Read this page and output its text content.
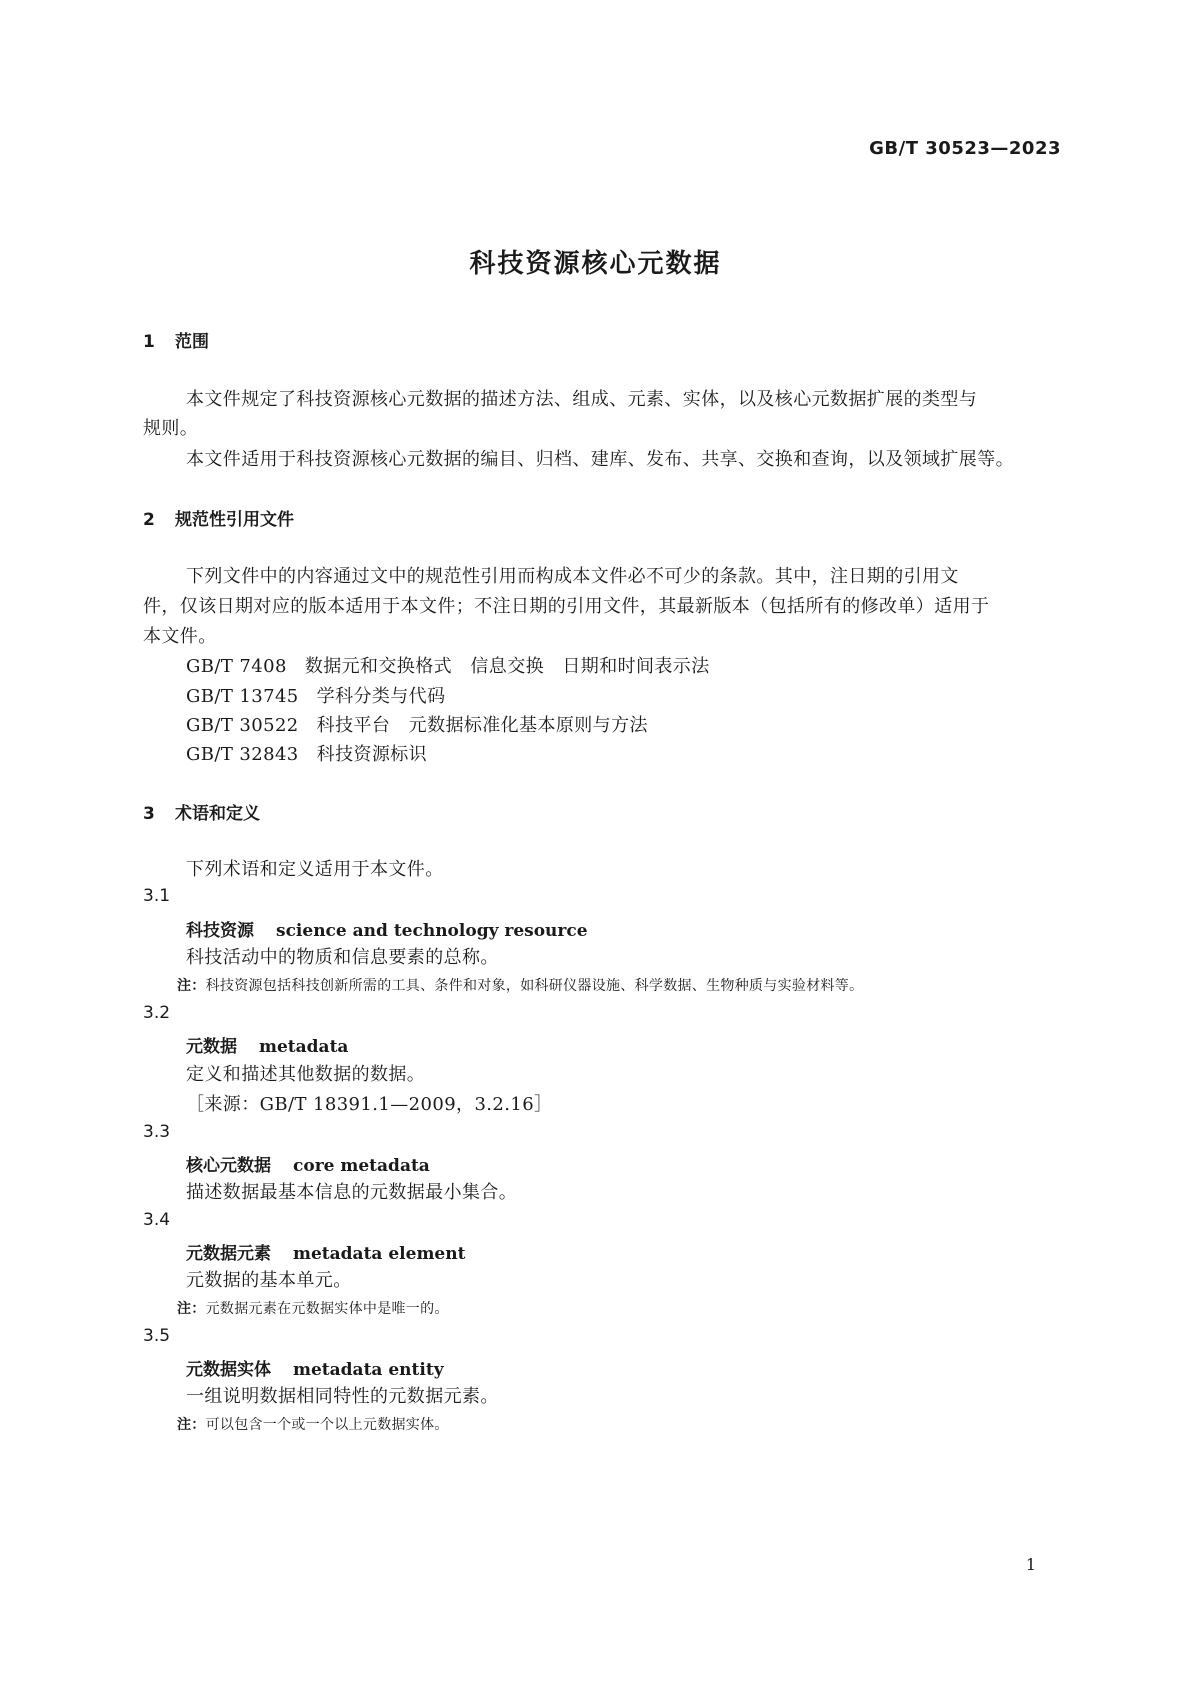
GB/T 30523—2023
科技资源核心元数据
1 范围
本文件规定了科技资源核心元数据的描述方法、组成、元素、实体，以及核心元数据扩展的类型与
规则。
本文件适用于科技资源核心元数据的编目、归档、建库、发布、共享、交换和查询，以及领域扩展等。
2 规范性引用文件
下列文件中的内容通过文中的规范性引用而构成本文件必不可少的条款。其中，注日期的引用文
件，仅该日期对应的版本适用于本文件；不注日期的引用文件，其最新版本（包括所有的修改单）适用于
本文件。
GB/T 7408 数据元和交换格式　信息交换　日期和时间表示法
GB/T 13745 学科分类与代码
GB/T 30522 科技平台　元数据标准化基本原则与方法
GB/T 32843 科技资源标识
3 术语和定义
下列术语和定义适用于本文件。
3.1
科技资源 science and technology resource
科技活动中的物质和信息要素的总称。
注：科技资源包括科技创新所需的工具、条件和对象，如科研仪器设施、科学数据、生物种质与实验材料等。
3.2
元数据 metadata
定义和描述其他数据的数据。
［来源：GB/T 18391.1—2009，3.2.16］
3.3
核心元数据 core metadata
描述数据最基本信息的元数据最小集合。
3.4
元数据元素 metadata element
元数据的基本单元。
注：元数据元素在元数据实体中是唯一的。
3.5
元数据实体 metadata entity
一组说明数据相同特性的元数据元素。
注：可以包含一个或一个以上元数据实体。
1
